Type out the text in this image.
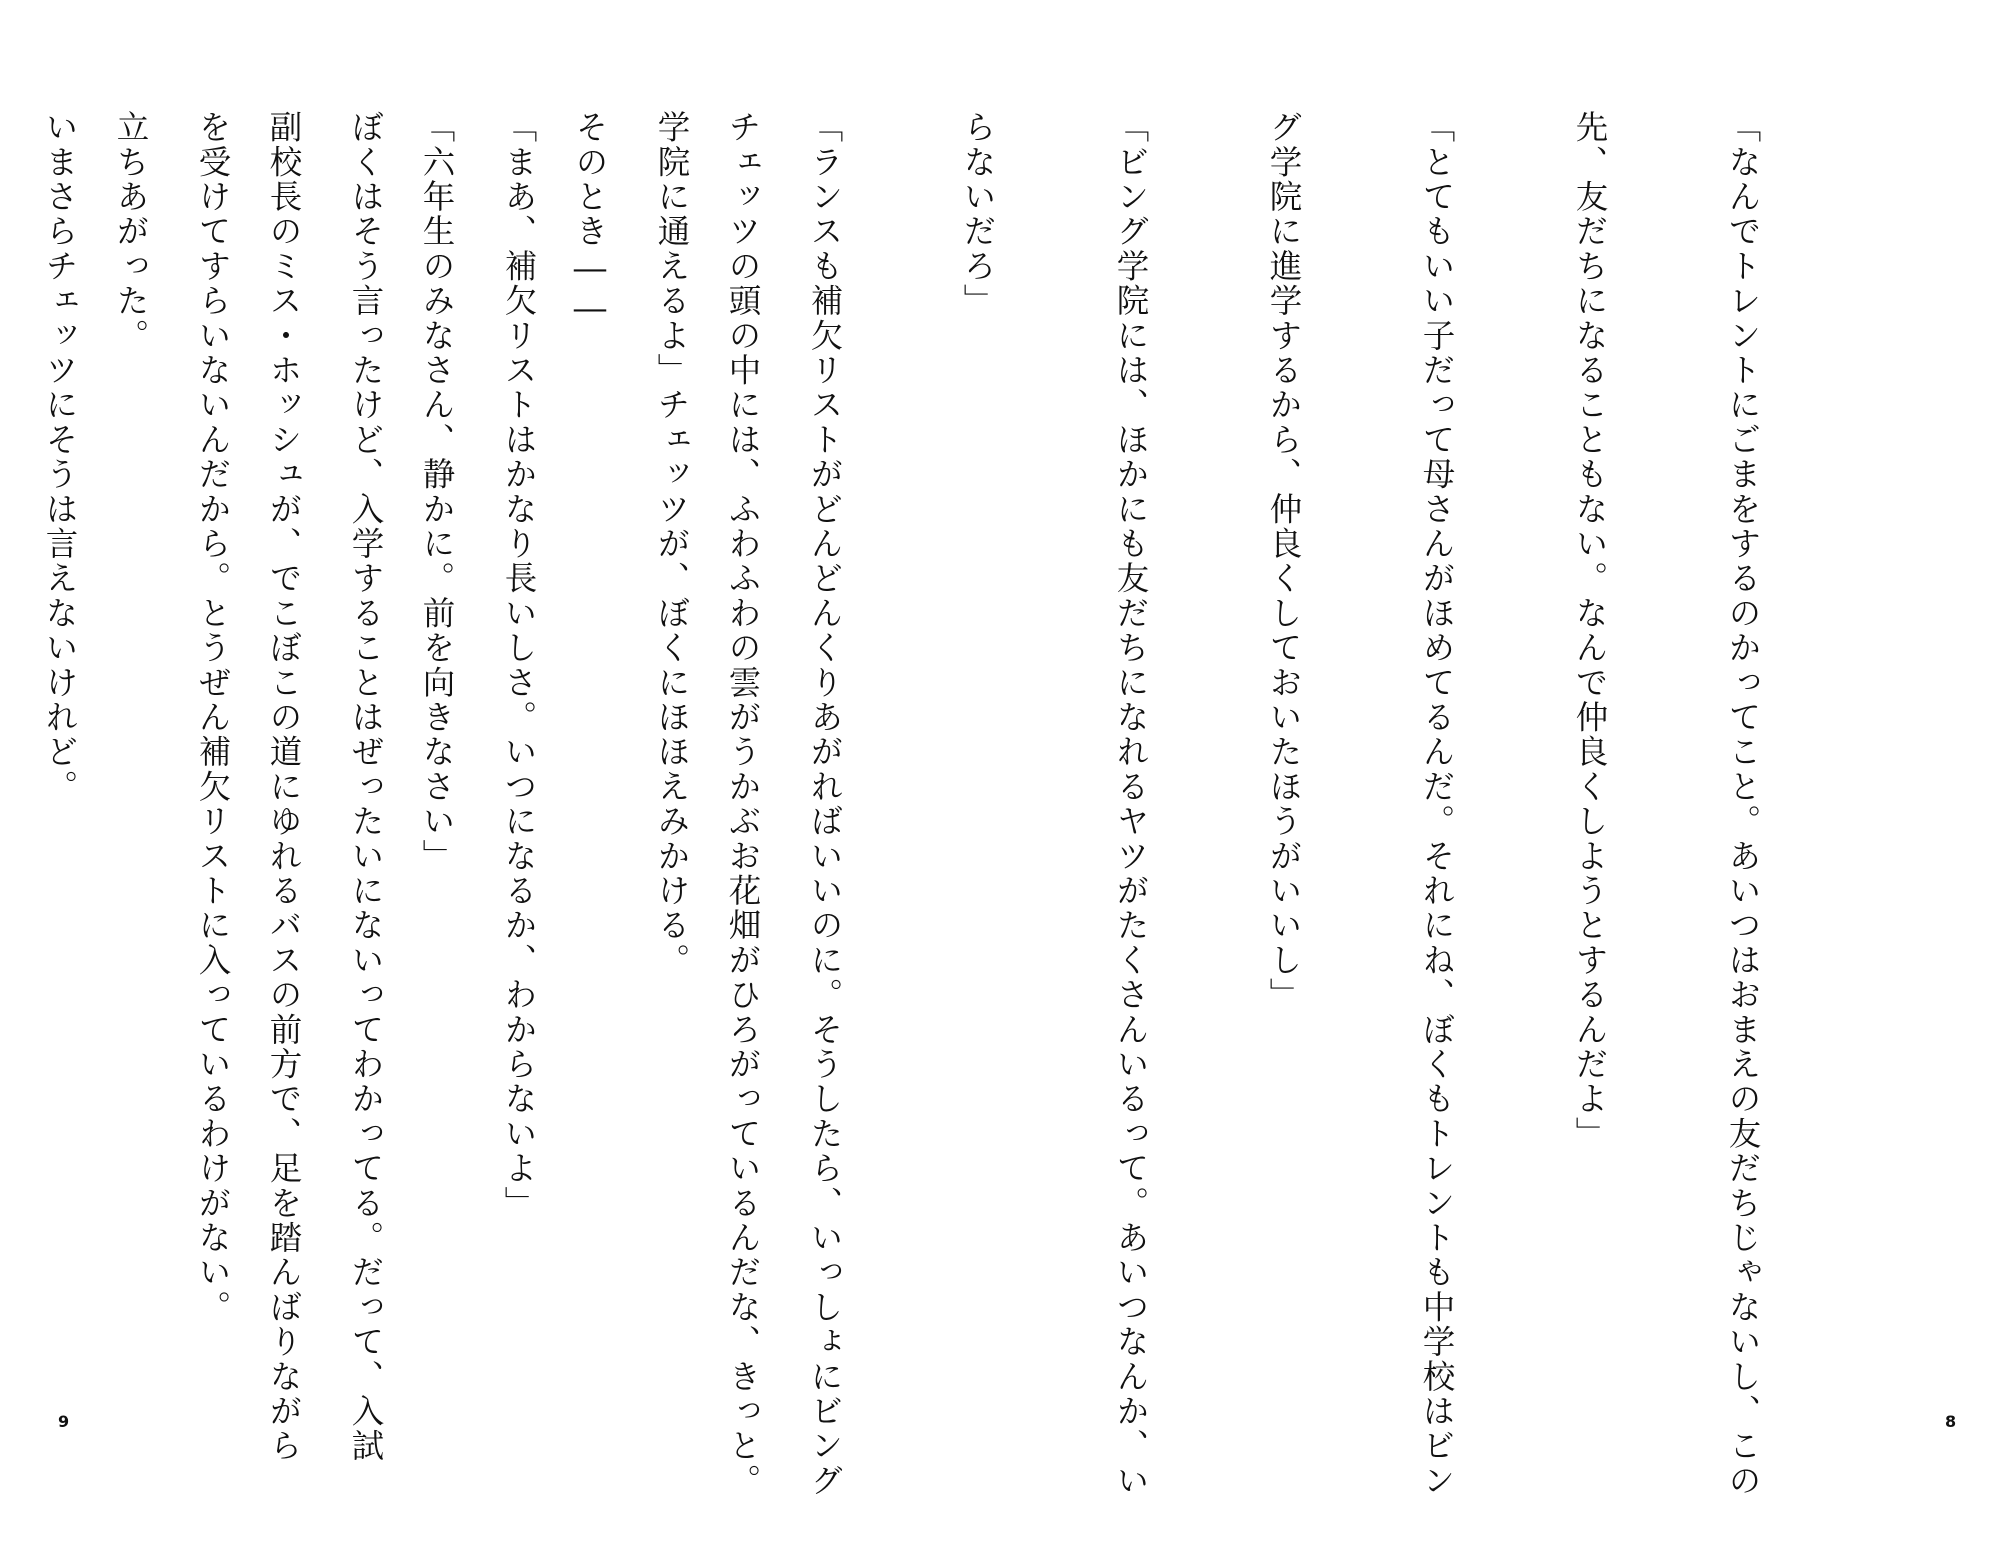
チェッツの頭の中には、ふわふわの雲がうかぶお花畑がひろがっているんだな、きっと。

そのとき――

「六年生のみなさん、静かに。前を向きなさい」

副校長のミス・ホッシュが、でこぼこの道にゆれるバスの前方で、足を踏んばりながら

立ちあがった。

9

	「なんでトレントにごまをするのかってこと。あいつはおまえの友だちじゃないし、この

先、友だちになることもない。なんで仲良くしようとするんだよ」

「とてもいい子だって母さんがほめてるんだ。それにね、ぼくもトレントも中学校はビン

グ学院に進学するから、仲良くしておいたほうがいいし」

「ビング学院には、ほかにも友だちになれるヤツがたくさんいるって。あいつなんか、い

らないだろ」

「ランスも補欠リストがどんどんくりあがればいいのに。そうしたら、いっしょにビング

学院に通えるよ」チェッツが、ぼくにほほえみかける。

「まあ、補欠リストはかなり長いしさ。いつになるか、わからないよ」

ぼくはそう言ったけど、入学することはぜったいにないってわかってる。だって、入試

を受けてすらいないんだから。とうぜん補欠リストに入っているわけがない。

いまさらチェッツにそうは言えないけれど。

8
